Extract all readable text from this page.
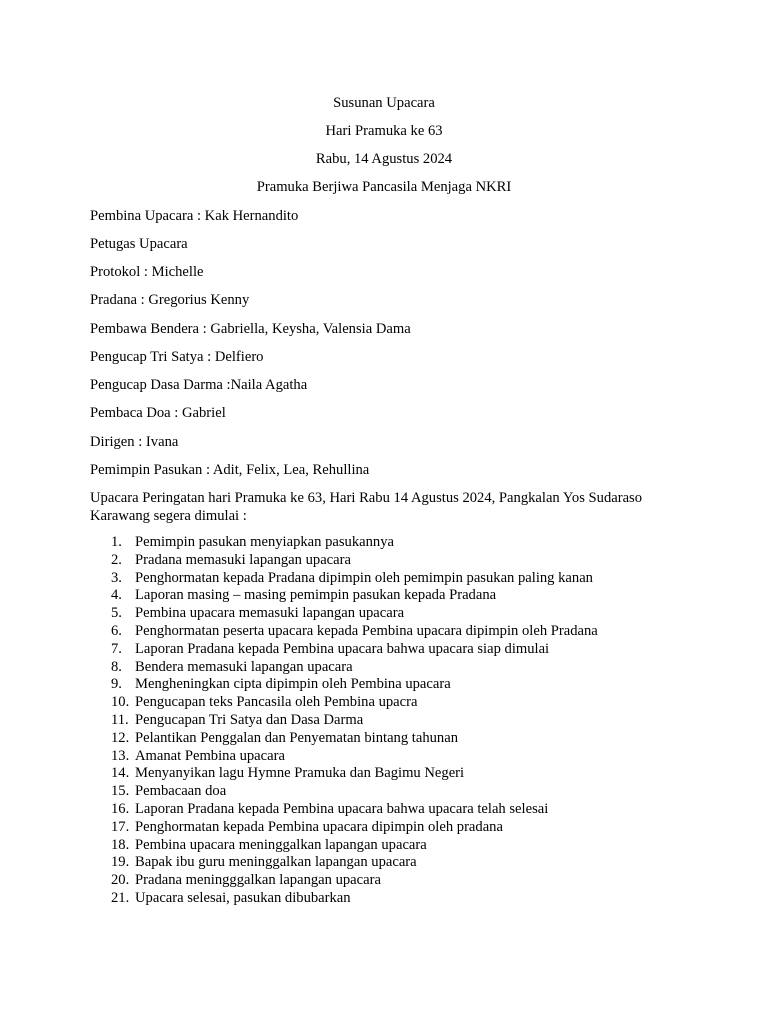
Susunan Upacara
Hari Pramuka ke 63
Rabu, 14 Agustus 2024
Pramuka Berjiwa Pancasila Menjaga NKRI
Pembina Upacara : Kak Hernandito
Petugas Upacara
Protokol : Michelle
Pradana : Gregorius Kenny
Pembawa Bendera : Gabriella, Keysha, Valensia Dama
Pengucap Tri Satya : Delfiero
Pengucap Dasa Darma :Naila Agatha
Pembaca Doa : Gabriel
Dirigen : Ivana
Pemimpin Pasukan : Adit, Felix, Lea, Rehullina
Upacara Peringatan hari Pramuka ke 63, Hari Rabu 14 Agustus 2024, Pangkalan Yos Sudaraso
Karawang segera dimulai :
1. Pemimpin pasukan menyiapkan pasukannya
2. Pradana memasuki lapangan upacara
3. Penghormatan kepada Pradana dipimpin oleh pemimpin pasukan paling kanan
4. Laporan masing – masing pemimpin pasukan kepada Pradana
5. Pembina upacara memasuki lapangan upacara
6. Penghormatan peserta upacara kepada Pembina upacara dipimpin oleh Pradana
7. Laporan Pradana kepada Pembina upacara bahwa upacara siap dimulai
8. Bendera memasuki lapangan upacara
9. Mengheningkan cipta dipimpin oleh Pembina upacara
10. Pengucapan teks Pancasila oleh Pembina upacra
11. Pengucapan Tri Satya dan Dasa Darma
12. Pelantikan Penggalan dan Penyematan bintang tahunan
13. Amanat Pembina upacara
14. Menyanyikan lagu Hymne Pramuka dan Bagimu Negeri
15. Pembacaan doa
16. Laporan Pradana kepada Pembina upacara bahwa upacara telah selesai
17. Penghormatan kepada Pembina upacara dipimpin oleh pradana
18. Pembina upacara meninggalkan lapangan upacara
19. Bapak ibu guru meninggalkan lapangan upacara
20. Pradana meningggalkan lapangan upacara
21. Upacara selesai, pasukan dibubarkan
